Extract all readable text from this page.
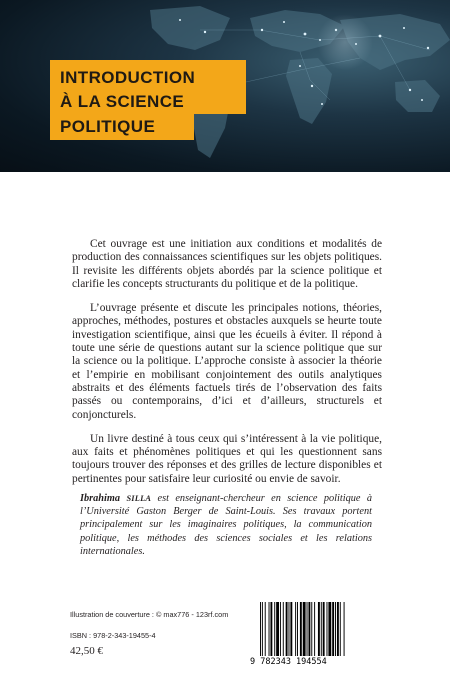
INTRODUCTION
À LA SCIENCE
POLITIQUE

Cet ouvrage est une initiation aux conditions et modalités de production des connaissances scientifiques sur les objets politiques. Il revisite les différents objets abordés par la science politique et clarifie les concepts structurants du politique et de la politique.

L’ouvrage présente et discute les principales notions, théories, approches, méthodes, postures et obstacles auxquels se heurte toute investigation scientifique, ainsi que les écueils à éviter. Il répond à toute une série de questions autant sur la science politique que sur la science ou la politique. L’approche consiste à associer la théorie et l’empirie en mobilisant conjointement des outils analytiques abstraits et des éléments factuels tirés de l’observation des faits passés ou contemporains, d’ici et d’ailleurs, structurels et conjoncturels.

Un livre destiné à tous ceux qui s’intéressent à la vie politique, aux faits et phénomènes politiques et qui les questionnent sans toujours trouver des réponses et des grilles de lecture disponibles et pertinentes pour satisfaire leur curiosité ou envie de savoir.

Ibrahima SILLA est enseignant-chercheur en science politique à l’Université Gaston Berger de Saint-Louis. Ses travaux portent principalement sur les imaginaires politiques, la communication politique, les méthodes des sciences sociales et les relations internationales.

Illustration de couverture : © max776 - 123rf.com
ISBN : 978-2-343-19455-4
42,50 €
9 782343 194554
